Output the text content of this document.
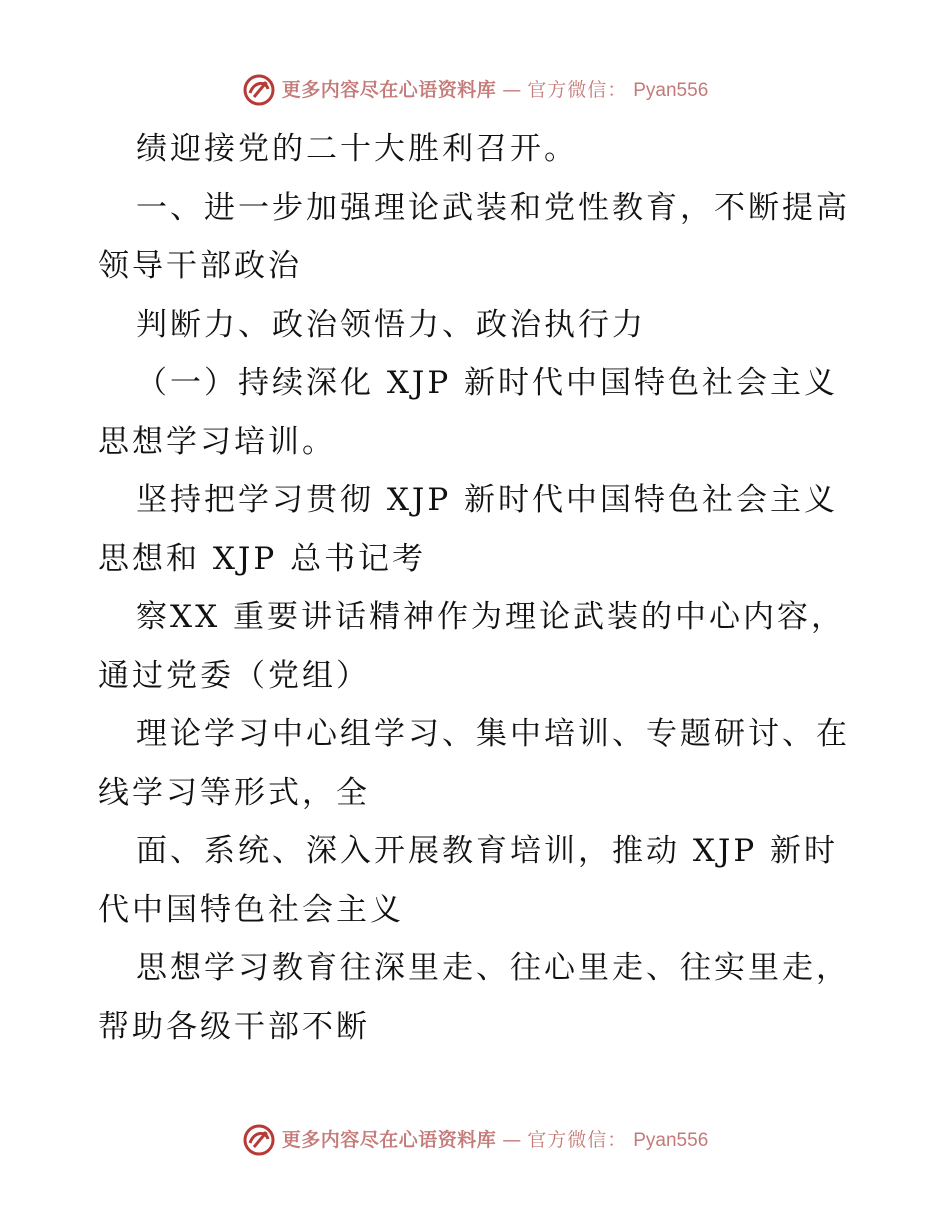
更多内容尽在心语资料库 — 官方微信： Pyan556

绩迎接党的二十大胜利召开。

一、进一步加强理论武装和党性教育，不断提高

领导干部政治

判断力、政治领悟力、政治执行力

（一）持续深化 XJP 新时代中国特色社会主义

思想学习培训。

坚持把学习贯彻 XJP 新时代中国特色社会主义

思想和 XJP 总书记考

察XX 重要讲话精神作为理论武装的中心内容，

通过党委（党组）

理论学习中心组学习、集中培训、专题研讨、在

线学习等形式，全

面、系统、深入开展教育培训，推动 XJP 新时

代中国特色社会主义

思想学习教育往深里走、往心里走、往实里走，

帮助各级干部不断

更多内容尽在心语资料库 — 官方微信： Pyan556
